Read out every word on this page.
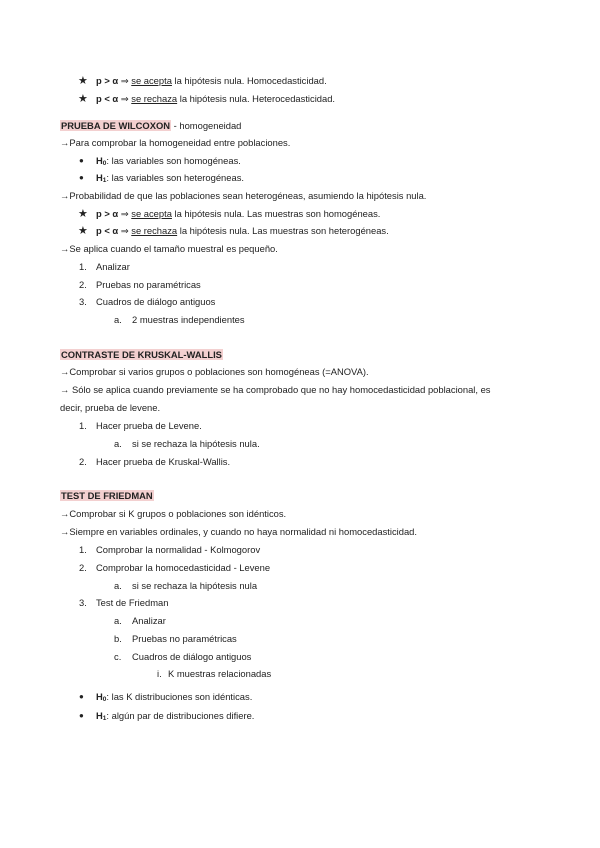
★ p > α ⇒ se acepta la hipótesis nula. Homocedasticidad.
★ p < α ⇒ se rechaza la hipótesis nula. Heterocedasticidad.
PRUEBA DE WILCOXON - homogeneidad
→Para comprobar la homogeneidad entre poblaciones.
● $H_0$: las variables son homogéneas.
● $H_1$: las variables son heterogéneas.
→Probabilidad de que las poblaciones sean heterogéneas, asumiendo la hipótesis nula.
★ p > α ⇒ se acepta la hipótesis nula. Las muestras son homogéneas.
★ p < α ⇒ se rechaza la hipótesis nula. Las muestras son heterogéneas.
→Se aplica cuando el tamaño muestral es pequeño.
1. Analizar
2. Pruebas no paramétricas
3. Cuadros de diálogo antiguos
a. 2 muestras independientes
CONTRASTE DE KRUSKAL-WALLIS
→Comprobar si varios grupos o poblaciones son homogéneas (=ANOVA).
→ Sólo se aplica cuando previamente se ha comprobado que no hay homocedasticidad poblacional, es
decir, prueba de levene.
1. Hacer prueba de Levene.
a. si se rechaza la hipótesis nula.
2. Hacer prueba de Kruskal-Wallis.
TEST DE FRIEDMAN
→Comprobar si K grupos o poblaciones son idénticos.
→Siempre en variables ordinales, y cuando no haya normalidad ni homocedasticidad.
1. Comprobar la normalidad - Kolmogorov
2. Comprobar la homocedasticidad - Levene
a. si se rechaza la hipótesis nula
3. Test de Friedman
a. Analizar
b. Pruebas no paramétricas
c. Cuadros de diálogo antiguos
i. K muestras relacionadas
● $H_0$: las K distribuciones son idénticas.
● $H_1$: algún par de distribuciones difiere.
